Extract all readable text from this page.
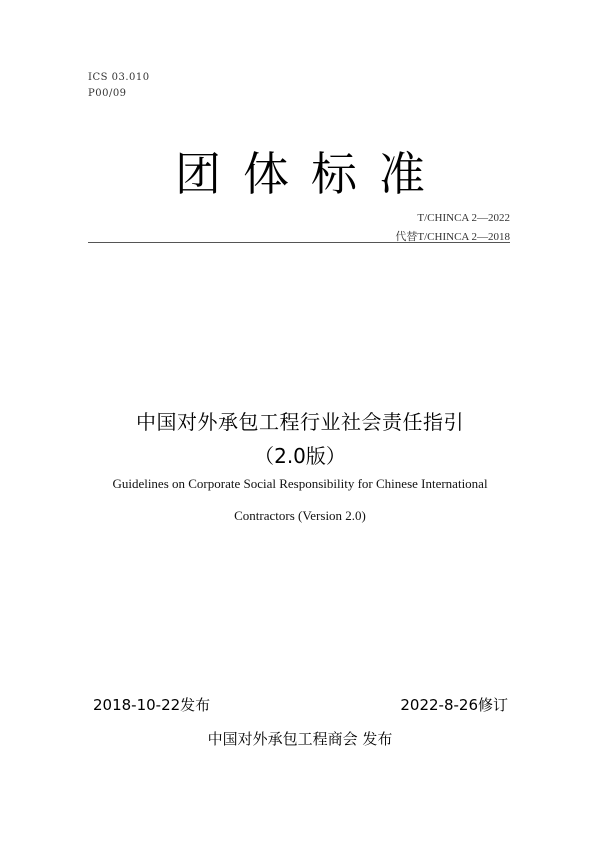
ICS 03.010
P00/09
团体标准
T/CHINCA 2—2022
代替T/CHINCA 2—2018
中国对外承包工程行业社会责任指引
（2.0版）
Guidelines on Corporate Social Responsibility for Chinese International
Contractors (Version 2.0)
2018-10-22发布	2022-8-26修订
中国对外承包工程商会 发布
